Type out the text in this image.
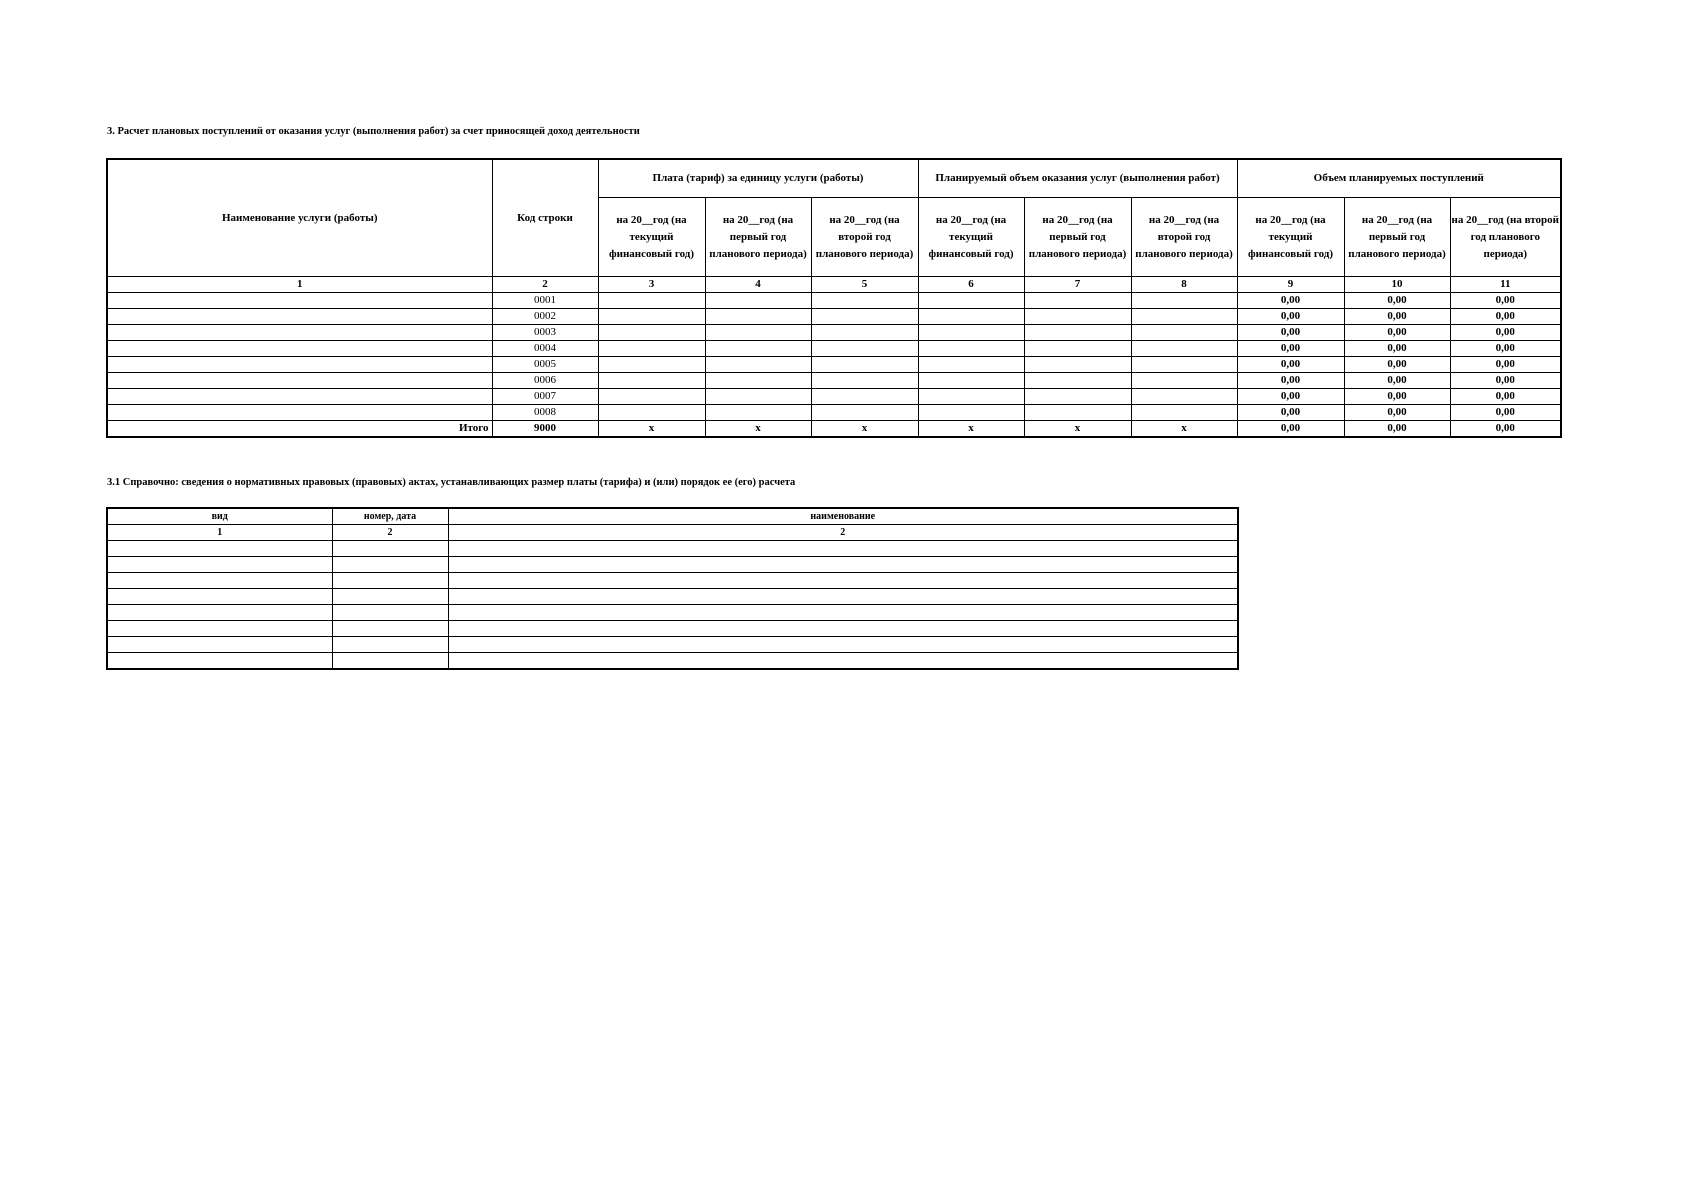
3. Расчет плановых поступлений от оказания услуг (выполнения работ) за счет приносящей доход деятельности
Наименование услуги (работы)	Код строки	Плата (тариф) за единицу услуги (работы)			Планируемый объем оказания услуг (выполнения работ)			Объем планируемых поступлений		
		на 20__год (на текущий финансовый год)	на 20__год (на первый год планового периода)	на 20__год (на второй год планового периода)	на 20__год (на текущий финансовый год)	на 20__год (на первый год планового периода)	на 20__год (на второй год планового периода)	на 20__год (на текущий финансовый год)	на 20__год (на первый год планового периода)	на 20__год (на второй год планового периода)
1	2	3	4	5	6	7	8	9	10	11
	0001							0,00	0,00	0,00
	0002							0,00	0,00	0,00
	0003							0,00	0,00	0,00
	0004							0,00	0,00	0,00
	0005							0,00	0,00	0,00
	0006							0,00	0,00	0,00
	0007							0,00	0,00	0,00
	0008							0,00	0,00	0,00
Итого	9000	x	x	x	x	x	x	0,00	0,00	0,00
3.1 Справочно: сведения о нормативных правовых (правовых) актах, устанавливающих размер платы (тарифа) и (или) порядок ее (его) расчета
вид	номер, дата	наименование
1	2	2
